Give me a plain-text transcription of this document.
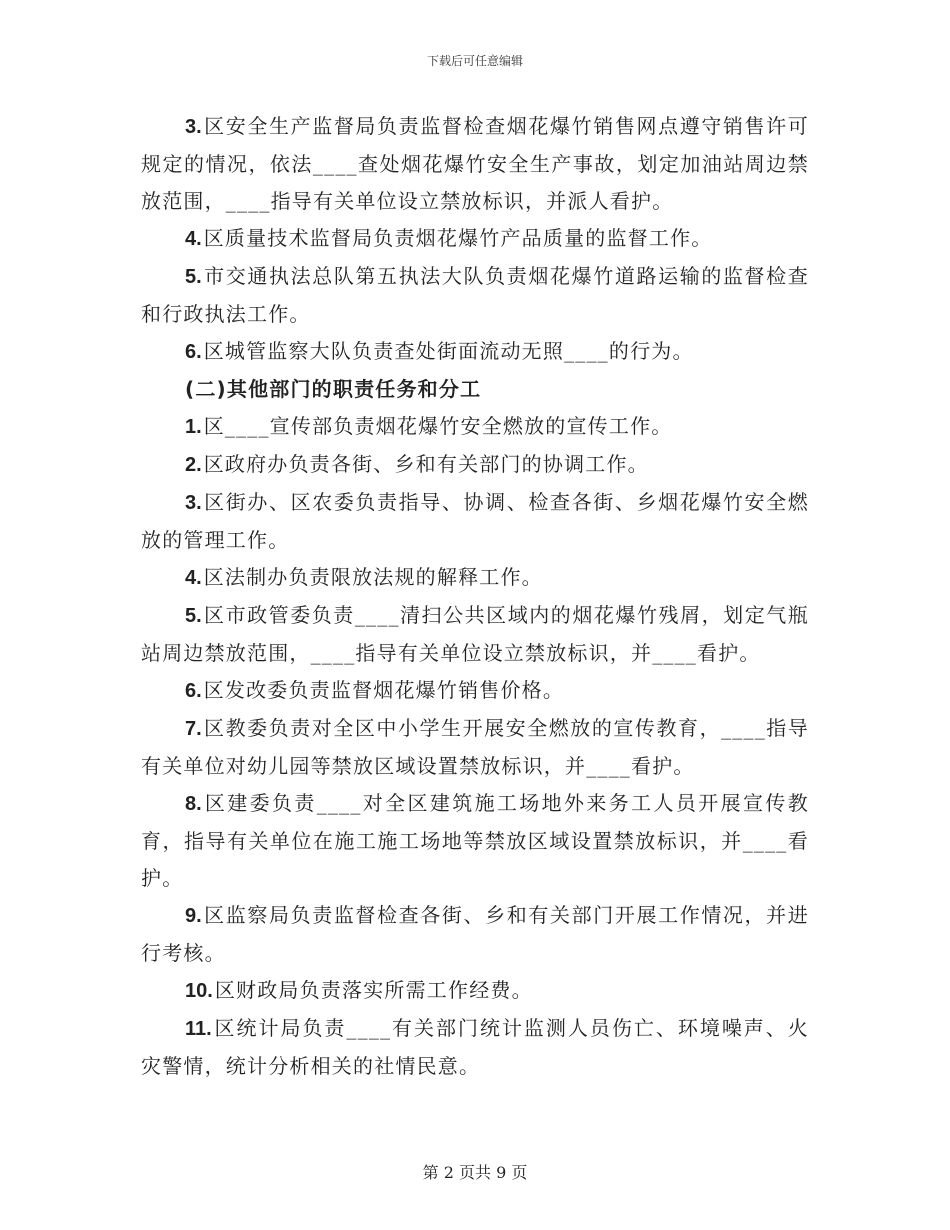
下载后可任意编辑

3. 区安全生产监督局负责监督检查烟花爆竹销售网点遵守销售许可规定的情况，依法____查处烟花爆竹安全生产事故，划定加油站周边禁放范围，____指导有关单位设立禁放标识，并派人看护。

4. 区质量技术监督局负责烟花爆竹产品质量的监督工作。

5. 市交通执法总队第五执法大队负责烟花爆竹道路运输的监督检查和行政执法工作。

6. 区城管监察大队负责查处街面流动无照____的行为。

(二)其他部门的职责任务和分工

1. 区____宣传部负责烟花爆竹安全燃放的宣传工作。

2. 区政府办负责各街、乡和有关部门的协调工作。

3. 区街办、区农委负责指导、协调、检查各街、乡烟花爆竹安全燃放的管理工作。

4. 区法制办负责限放法规的解释工作。

5. 区市政管委负责____清扫公共区域内的烟花爆竹残屑，划定气瓶站周边禁放范围，____指导有关单位设立禁放标识，并____看护。

6. 区发改委负责监督烟花爆竹销售价格。

7. 区教委负责对全区中小学生开展安全燃放的宣传教育，____指导有关单位对幼儿园等禁放区域设置禁放标识，并____看护。

8. 区建委负责____对全区建筑施工场地外来务工人员开展宣传教育，指导有关单位在施工施工场地等禁放区域设置禁放标识，并____看护。

9. 区监察局负责监督检查各街、乡和有关部门开展工作情况，并进行考核。

10. 区财政局负责落实所需工作经费。

11. 区统计局负责____有关部门统计监测人员伤亡、环境噪声、火灾警情，统计分析相关的社情民意。

第 2 页共 9 页
